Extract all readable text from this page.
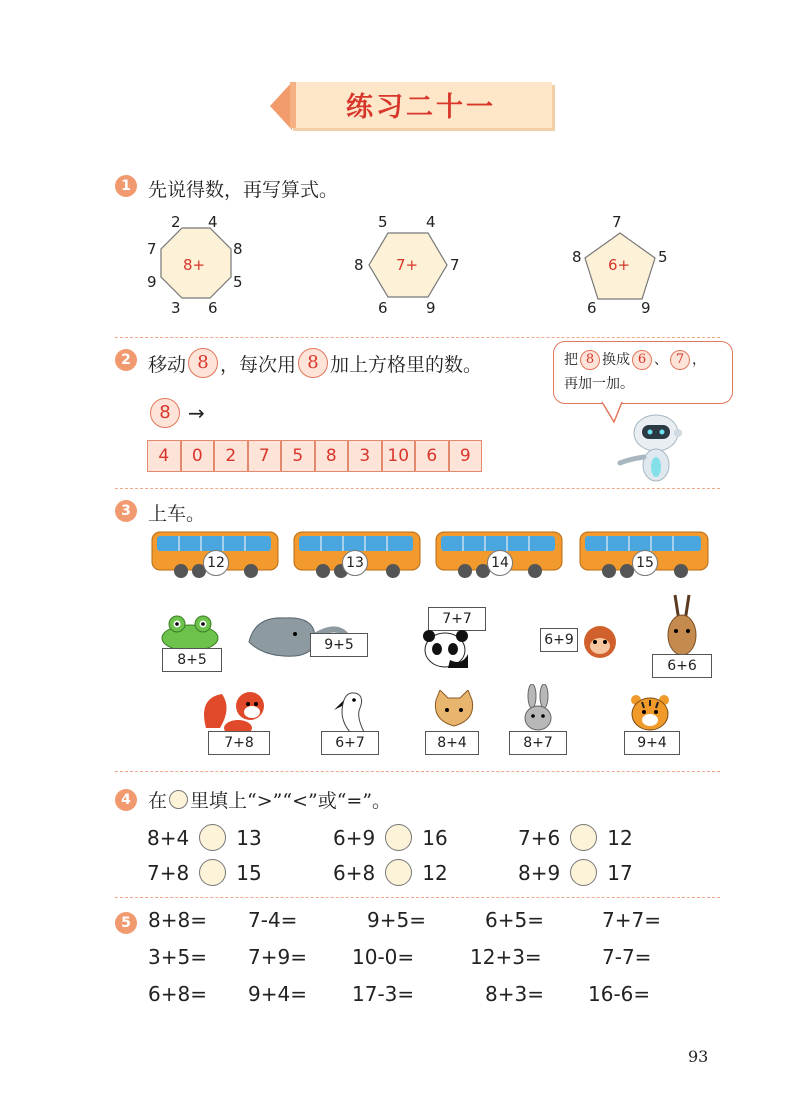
练习二十一
1 先说得数，再写算式。
8+
2 4
8
5
6
3
9
7
7+
5	4
7
9
6
8	6+
7
5
9
6
8
2 移动 8 ，每次用 8 加上方格里的数。
8 →
4	0	2	7	5	8	3	10	6	9
把 8 换成 6 、 7 ，
再加一加。
3 上车。
12	13	14	15
8+5
9+5
7+7
6+9
6+6
7+8	6+7	8+4	8+7	9+4
4 在 里填上“>”“<”或“=”。
8+4 13	6+9 16	7+6 12
7+8 15	6+8 12	8+9 17
5 8+8= 7-4=	9+5=	6+5=	7+7=
3+5= 7+9= 10-0=	12+3=	7-7=
6+8= 9+4= 17-3=	8+3= 16-6=
93
